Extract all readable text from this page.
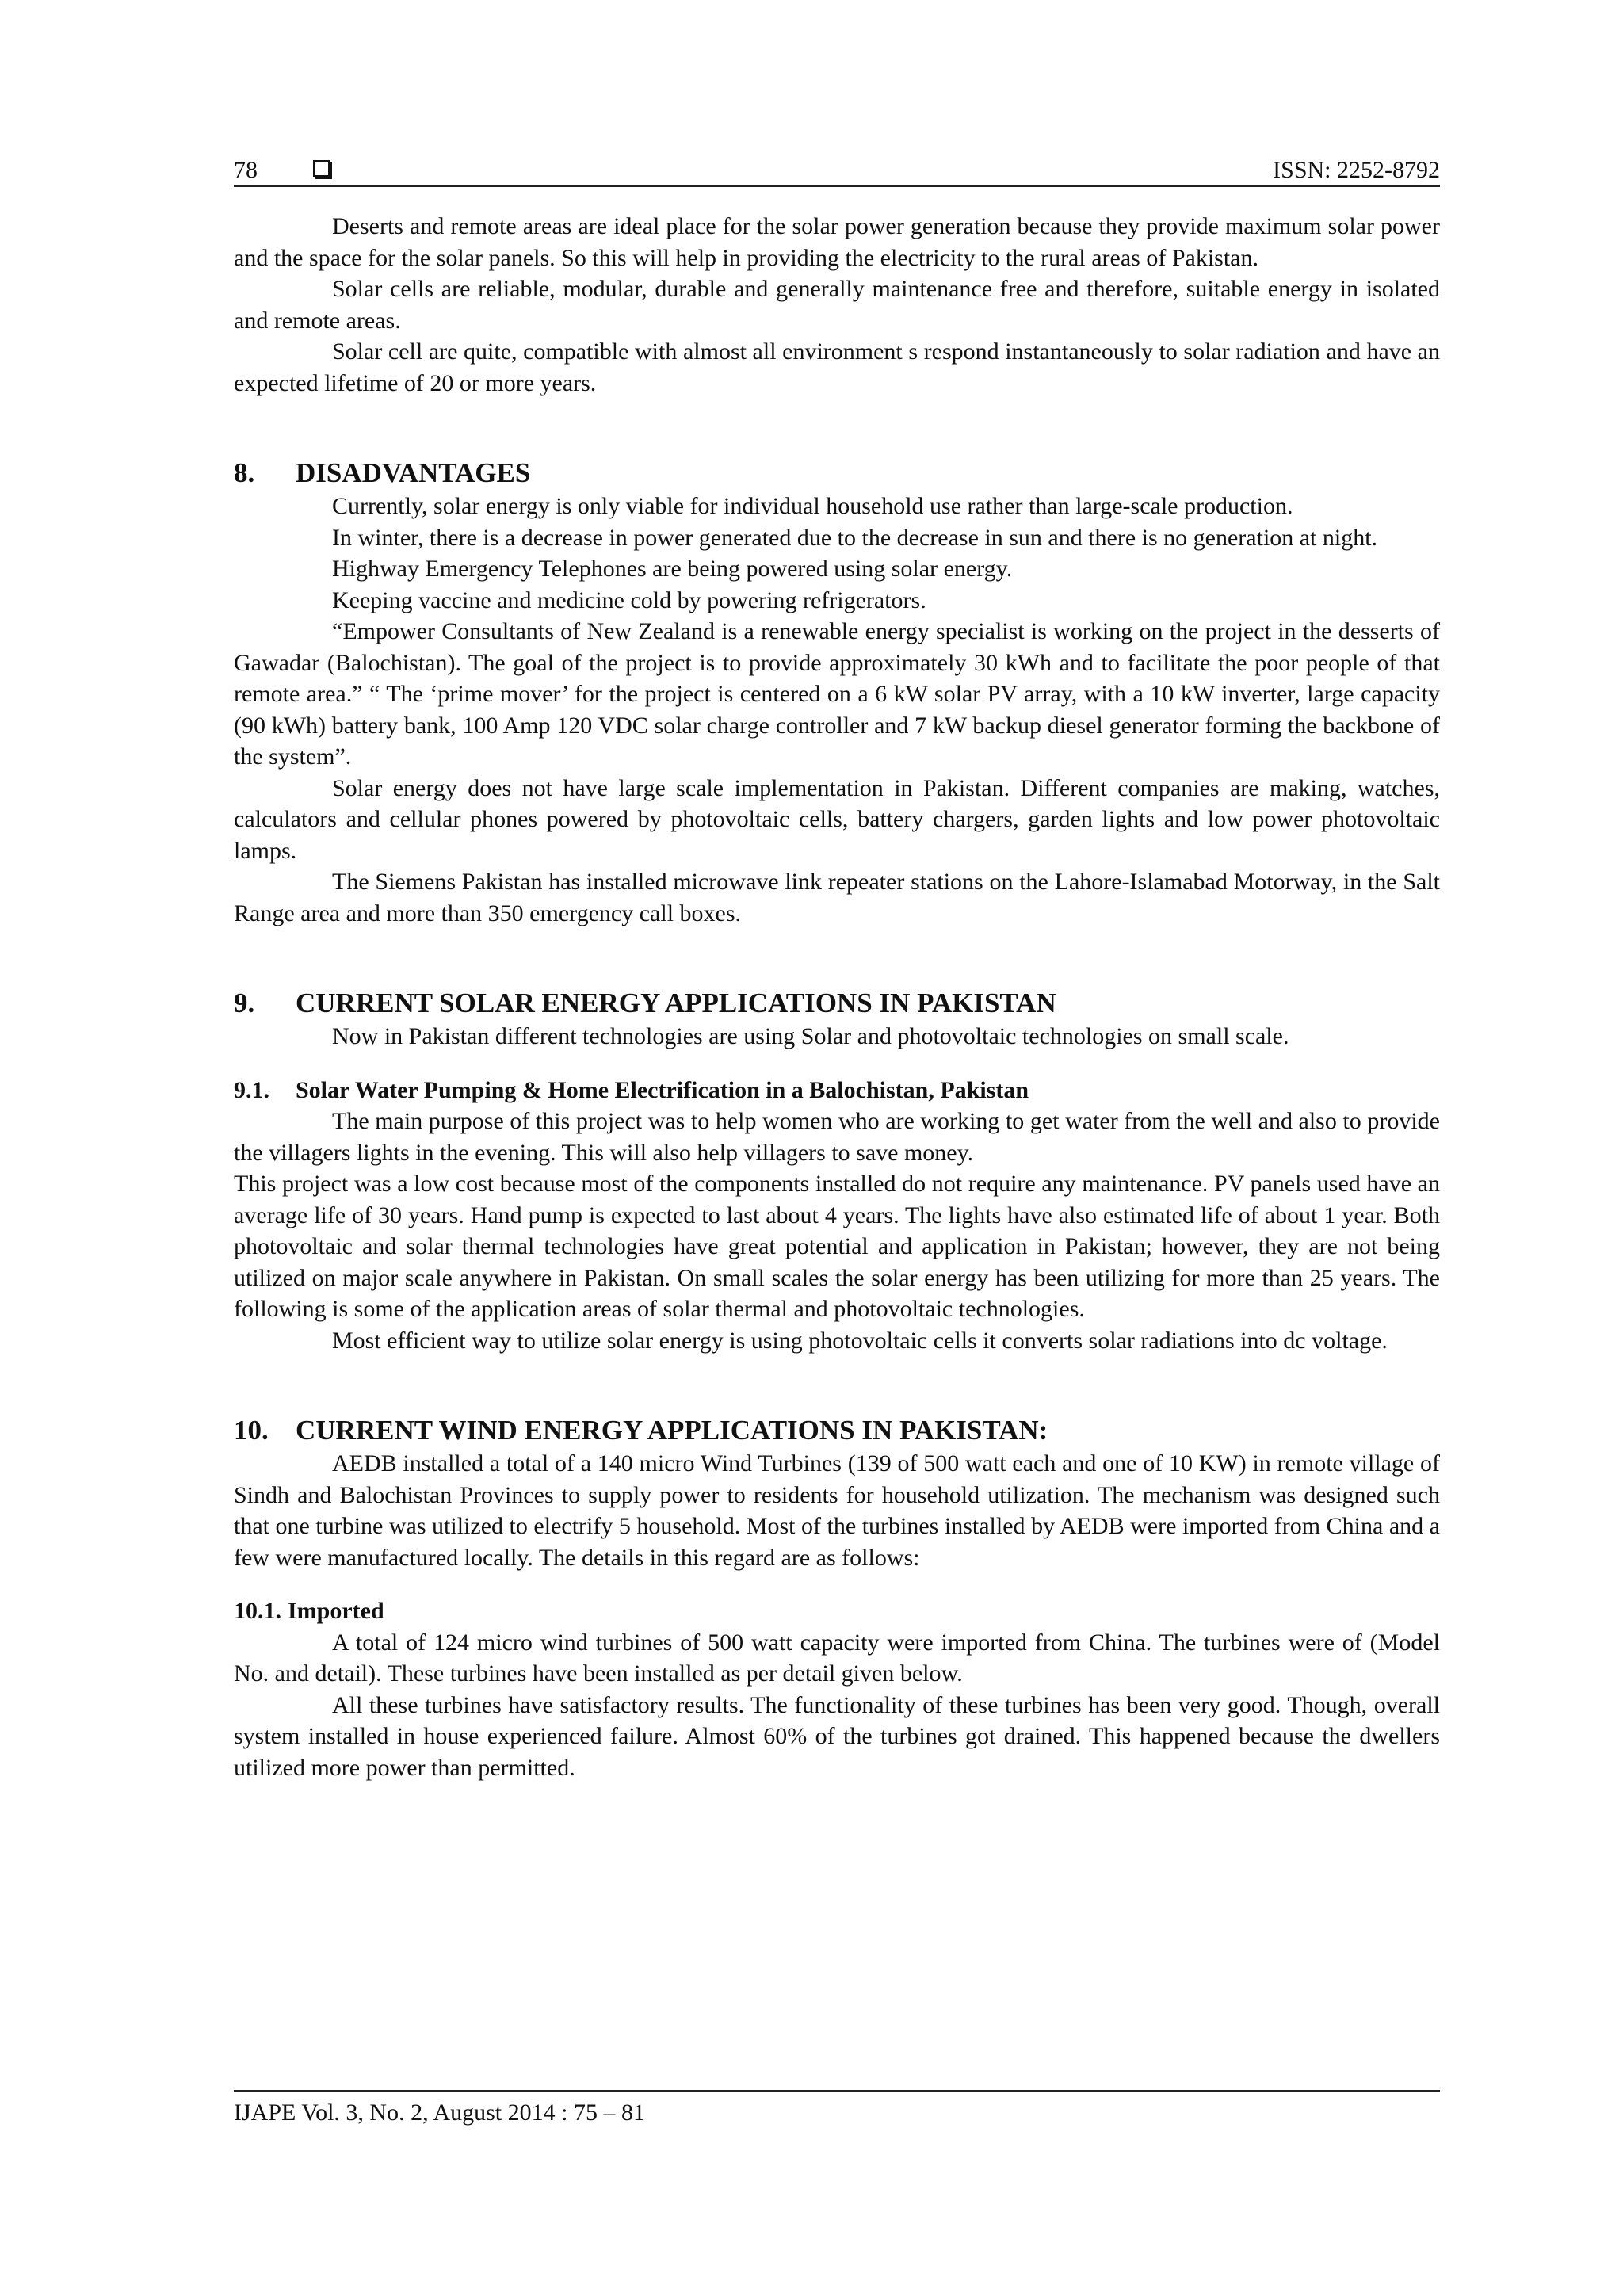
78	ISSN: 2252-8792

Deserts and remote areas are ideal place for the solar power generation because they provide maximum solar power and the space for the solar panels. So this will help in providing the electricity to the rural areas of Pakistan.

Solar cells are reliable, modular, durable and generally maintenance free and therefore, suitable energy in isolated and remote areas.

Solar cell are quite, compatible with almost all environment s respond instantaneously to solar radiation and have an expected lifetime of 20 or more years.

8.	DISADVANTAGES

Currently, solar energy is only viable for individual household use rather than large-scale production.

In winter, there is a decrease in power generated due to the decrease in sun and there is no generation at night.

Highway Emergency Telephones are being powered using solar energy.

Keeping vaccine and medicine cold by powering refrigerators.

“Empower Consultants of New Zealand is a renewable energy specialist is working on the project in the desserts of Gawadar (Balochistan). The goal of the project is to provide approximately 30 kWh and to facilitate the poor people of that remote area.” “ The ‘prime mover’ for the project is centered on a 6 kW solar PV array, with a 10 kW inverter, large capacity (90 kWh) battery bank, 100 Amp 120 VDC solar charge controller and 7 kW backup diesel generator forming the backbone of the system”.

Solar energy does not have large scale implementation in Pakistan. Different companies are making, watches, calculators and cellular phones powered by photovoltaic cells, battery chargers, garden lights and low power photovoltaic lamps.

The Siemens Pakistan has installed microwave link repeater stations on the Lahore-Islamabad Motorway, in the Salt Range area and more than 350 emergency call boxes.

9.	CURRENT SOLAR ENERGY APPLICATIONS IN PAKISTAN

Now in Pakistan different technologies are using Solar and photovoltaic technologies on small scale.

9.1.	Solar Water Pumping & Home Electrification in a Balochistan, Pakistan

The main purpose of this project was to help women who are working to get water from the well and also to provide the villagers lights in the evening. This will also help villagers to save money.

This project was a low cost because most of the components installed do not require any maintenance. PV panels used have an average life of 30 years. Hand pump is expected to last about 4 years. The lights have also estimated life of about 1 year. Both photovoltaic and solar thermal technologies have great potential and application in Pakistan; however, they are not being utilized on major scale anywhere in Pakistan. On small scales the solar energy has been utilizing for more than 25 years. The following is some of the application areas of solar thermal and photovoltaic technologies.

Most efficient way to utilize solar energy is using photovoltaic cells it converts solar radiations into dc voltage.

10. CURRENT WIND ENERGY APPLICATIONS IN PAKISTAN:

AEDB installed a total of a 140 micro Wind Turbines (139 of 500 watt each and one of 10 KW) in remote village of Sindh and Balochistan Provinces to supply power to residents for household utilization. The mechanism was designed such that one turbine was utilized to electrify 5 household. Most of the turbines installed by AEDB were imported from China and a few were manufactured locally. The details in this regard are as follows:

10.1. Imported

A total of 124 micro wind turbines of 500 watt capacity were imported from China. The turbines were of (Model No. and detail). These turbines have been installed as per detail given below.

All these turbines have satisfactory results. The functionality of these turbines has been very good. Though, overall system installed in house experienced failure. Almost 60% of the turbines got drained. This happened because the dwellers utilized more power than permitted.

IJAPE Vol. 3, No. 2, August 2014 : 75 – 81
